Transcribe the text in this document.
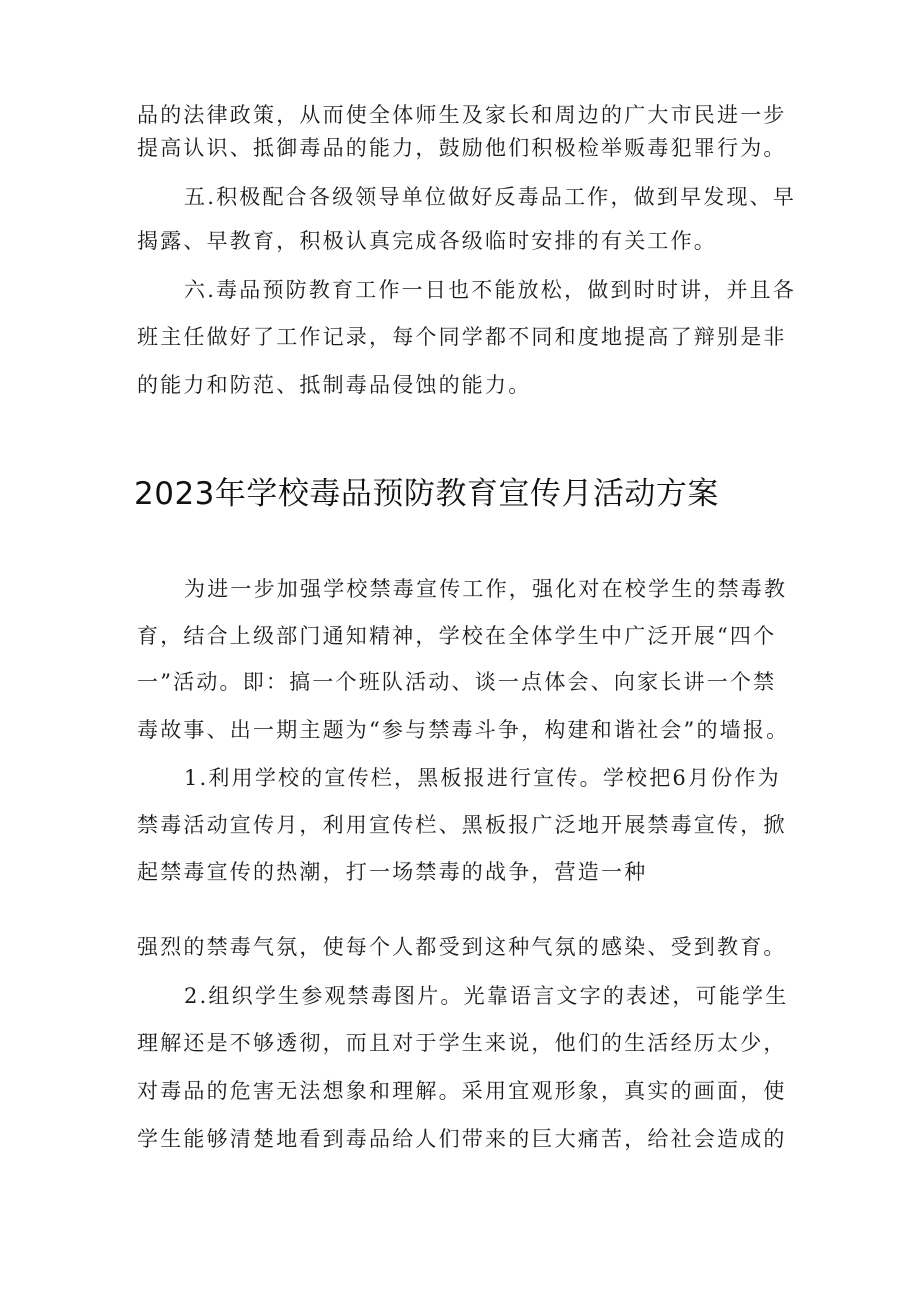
品的法律政策，从而使全体师生及家长和周边的广大市民进一步
提高认识、抵御毒品的能力，鼓励他们积极检举贩毒犯罪行为。
五.积极配合各级领导单位做好反毒品工作，做到早发现、早
揭露、早教育，积极认真完成各级临时安排的有关工作。
六.毒品预防教育工作一日也不能放松，做到时时讲，并且各
班主任做好了工作记录，每个同学都不同和度地提高了辩别是非
的能力和防范、抵制毒品侵蚀的能力。
2023年学校毒品预防教育宣传月活动方案
为进一步加强学校禁毒宣传工作，强化对在校学生的禁毒教
育，结合上级部门通知精神，学校在全体学生中广泛开展“四个
一”活动。即：搞一个班队活动、谈一点体会、向家长讲一个禁
毒故事、出一期主题为“参与禁毒斗争，构建和谐社会”的墙报。
1.利用学校的宣传栏，黑板报进行宣传。学校把6月份作为
禁毒活动宣传月，利用宣传栏、黑板报广泛地开展禁毒宣传，掀
起禁毒宣传的热潮，打一场禁毒的战争，营造一种
强烈的禁毒气氛，使每个人都受到这种气氛的感染、受到教育。
2.组织学生参观禁毒图片。光靠语言文字的表述，可能学生
理解还是不够透彻，而且对于学生来说，他们的生活经历太少，
对毒品的危害无法想象和理解。采用宜观形象，真实的画面，使
学生能够清楚地看到毒品给人们带来的巨大痛苦，给社会造成的
